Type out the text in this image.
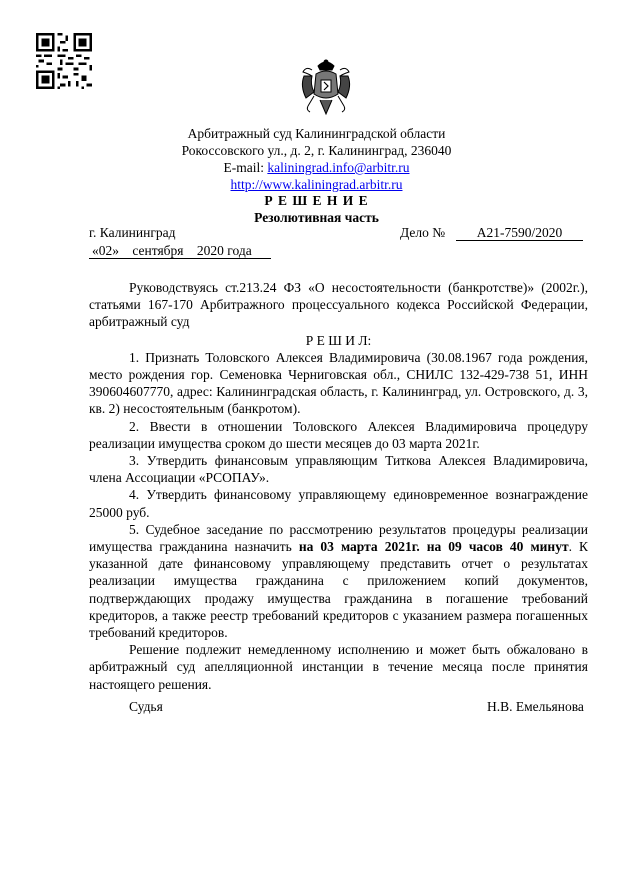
Арбитражный суд Калининградской области
Рокоссовского ул., д. 2, г. Калининград, 236040
E-mail: kaliningrad.info@arbitr.ru
http://www.kaliningrad.arbitr.ru
Р Е Ш Е Н И Е
Резолютивная часть
г. Калининград	Дело №	А21-7590/2020
«02» сентября 2020 года

Руководствуясь ст.213.24 ФЗ «О несостоятельности (банкротстве)» (2002г.), статьями 167-170 Арбитражного процессуального кодекса Российской Федерации, арбитражный суд

Р Е Ш И Л:

1. Признать Толовского Алексея Владимировича (30.08.1967 года рождения, место рождения гор. Семеновка Черниговская обл., СНИЛС 132-429-738 51, ИНН 390604607770, адрес: Калининградская область, г. Калининград, ул. Островского, д. 3, кв. 2) несостоятельным (банкротом).

2. Ввести в отношении Толовского Алексея Владимировича процедуру реализации имущества сроком до шести месяцев до 03 марта 2021г.

3. Утвердить финансовым управляющим Титкова Алексея Владимировича, члена Ассоциации «РСОПАУ».

4. Утвердить финансовому управляющему единовременное вознаграждение 25000 руб.

5. Судебное заседание по рассмотрению результатов процедуры реализации имущества гражданина назначить на 03 марта 2021г. на 09 часов 40 минут. К указанной дате финансовому управляющему представить отчет о результатах реализации имущества гражданина с приложением копий документов, подтверждающих продажу имущества гражданина в погашение требований кредиторов, а также реестр требований кредиторов с указанием размера погашенных требований кредиторов.

Решение подлежит немедленному исполнению и может быть обжаловано в арбитражный суд апелляционной инстанции в течение месяца после принятия настоящего решения.

Судья	Н.В. Емельянова
